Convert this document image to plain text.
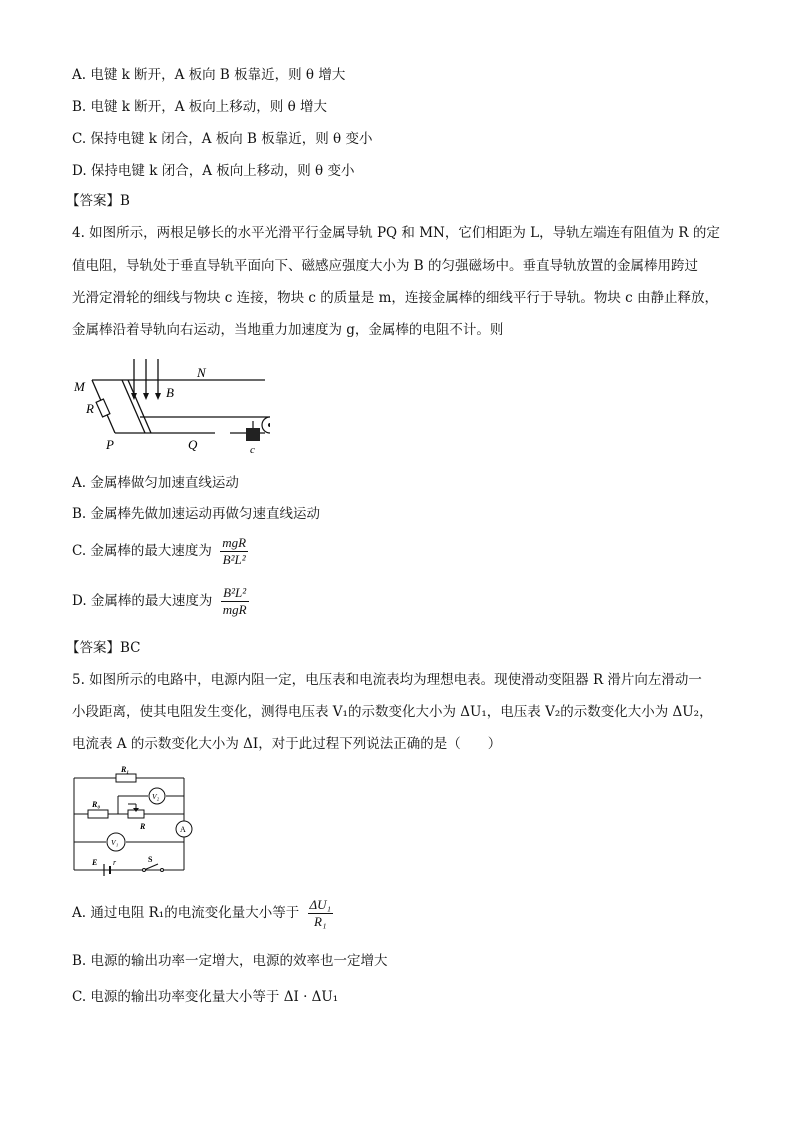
A. 电键 k 断开，A 板向 B 板靠近，则 θ 增大
B. 电键 k 断开，A 板向上移动，则 θ 增大
C. 保持电键 k 闭合，A 板向 B 板靠近，则 θ 变小
D. 保持电键 k 闭合，A 板向上移动，则 θ 变小
【答案】B
4. 如图所示，两根足够长的水平光滑平行金属导轨 PQ 和 MN，它们相距为 L，导轨左端连有阻值为 R 的定
值电阻，导轨处于垂直导轨平面向下、磁感应强度大小为 B 的匀强磁场中。垂直导轨放置的金属棒用跨过
光滑定滑轮的细线与物块 c 连接，物块 c 的质量是 m，连接金属棒的细线平行于导轨。物块 c 由静止释放，
金属棒沿着导轨向右运动，当地重力加速度为 g，金属棒的电阻不计。则
M
N
B
R
P	Q	c
A. 金属棒做匀加速直线运动
B. 金属棒先做加速运动再做匀速直线运动
C. 金属棒的最大速度为 $\frac{\text{mgR}}{\text{B²L²}}$
D. 金属棒的最大速度为 $\frac{\text{B²L²}}{\text{mgR}}$
【答案】BC
5. 如图所示的电路中，电源内阻一定，电压表和电流表均为理想电表。现使滑动变阻器 R 滑片向左滑动一
小段距离，使其电阻发生变化，测得电压表 V₁的示数变化大小为 ΔU₁，电压表 V₂的示数变化大小为 ΔU₂，
电流表 A 的示数变化大小为 ΔI，对于此过程下列说法正确的是（　　）
R₁
R₀
V₂
R	A
V₁
E r	S
A. 通过电阻 R₁的电流变化量大小等于 $\frac{\text{ΔU₁}}{\text{R₁}}$
B. 电源的输出功率一定增大，电源的效率也一定增大
C. 电源的输出功率变化量大小等于 ΔI · ΔU₁
